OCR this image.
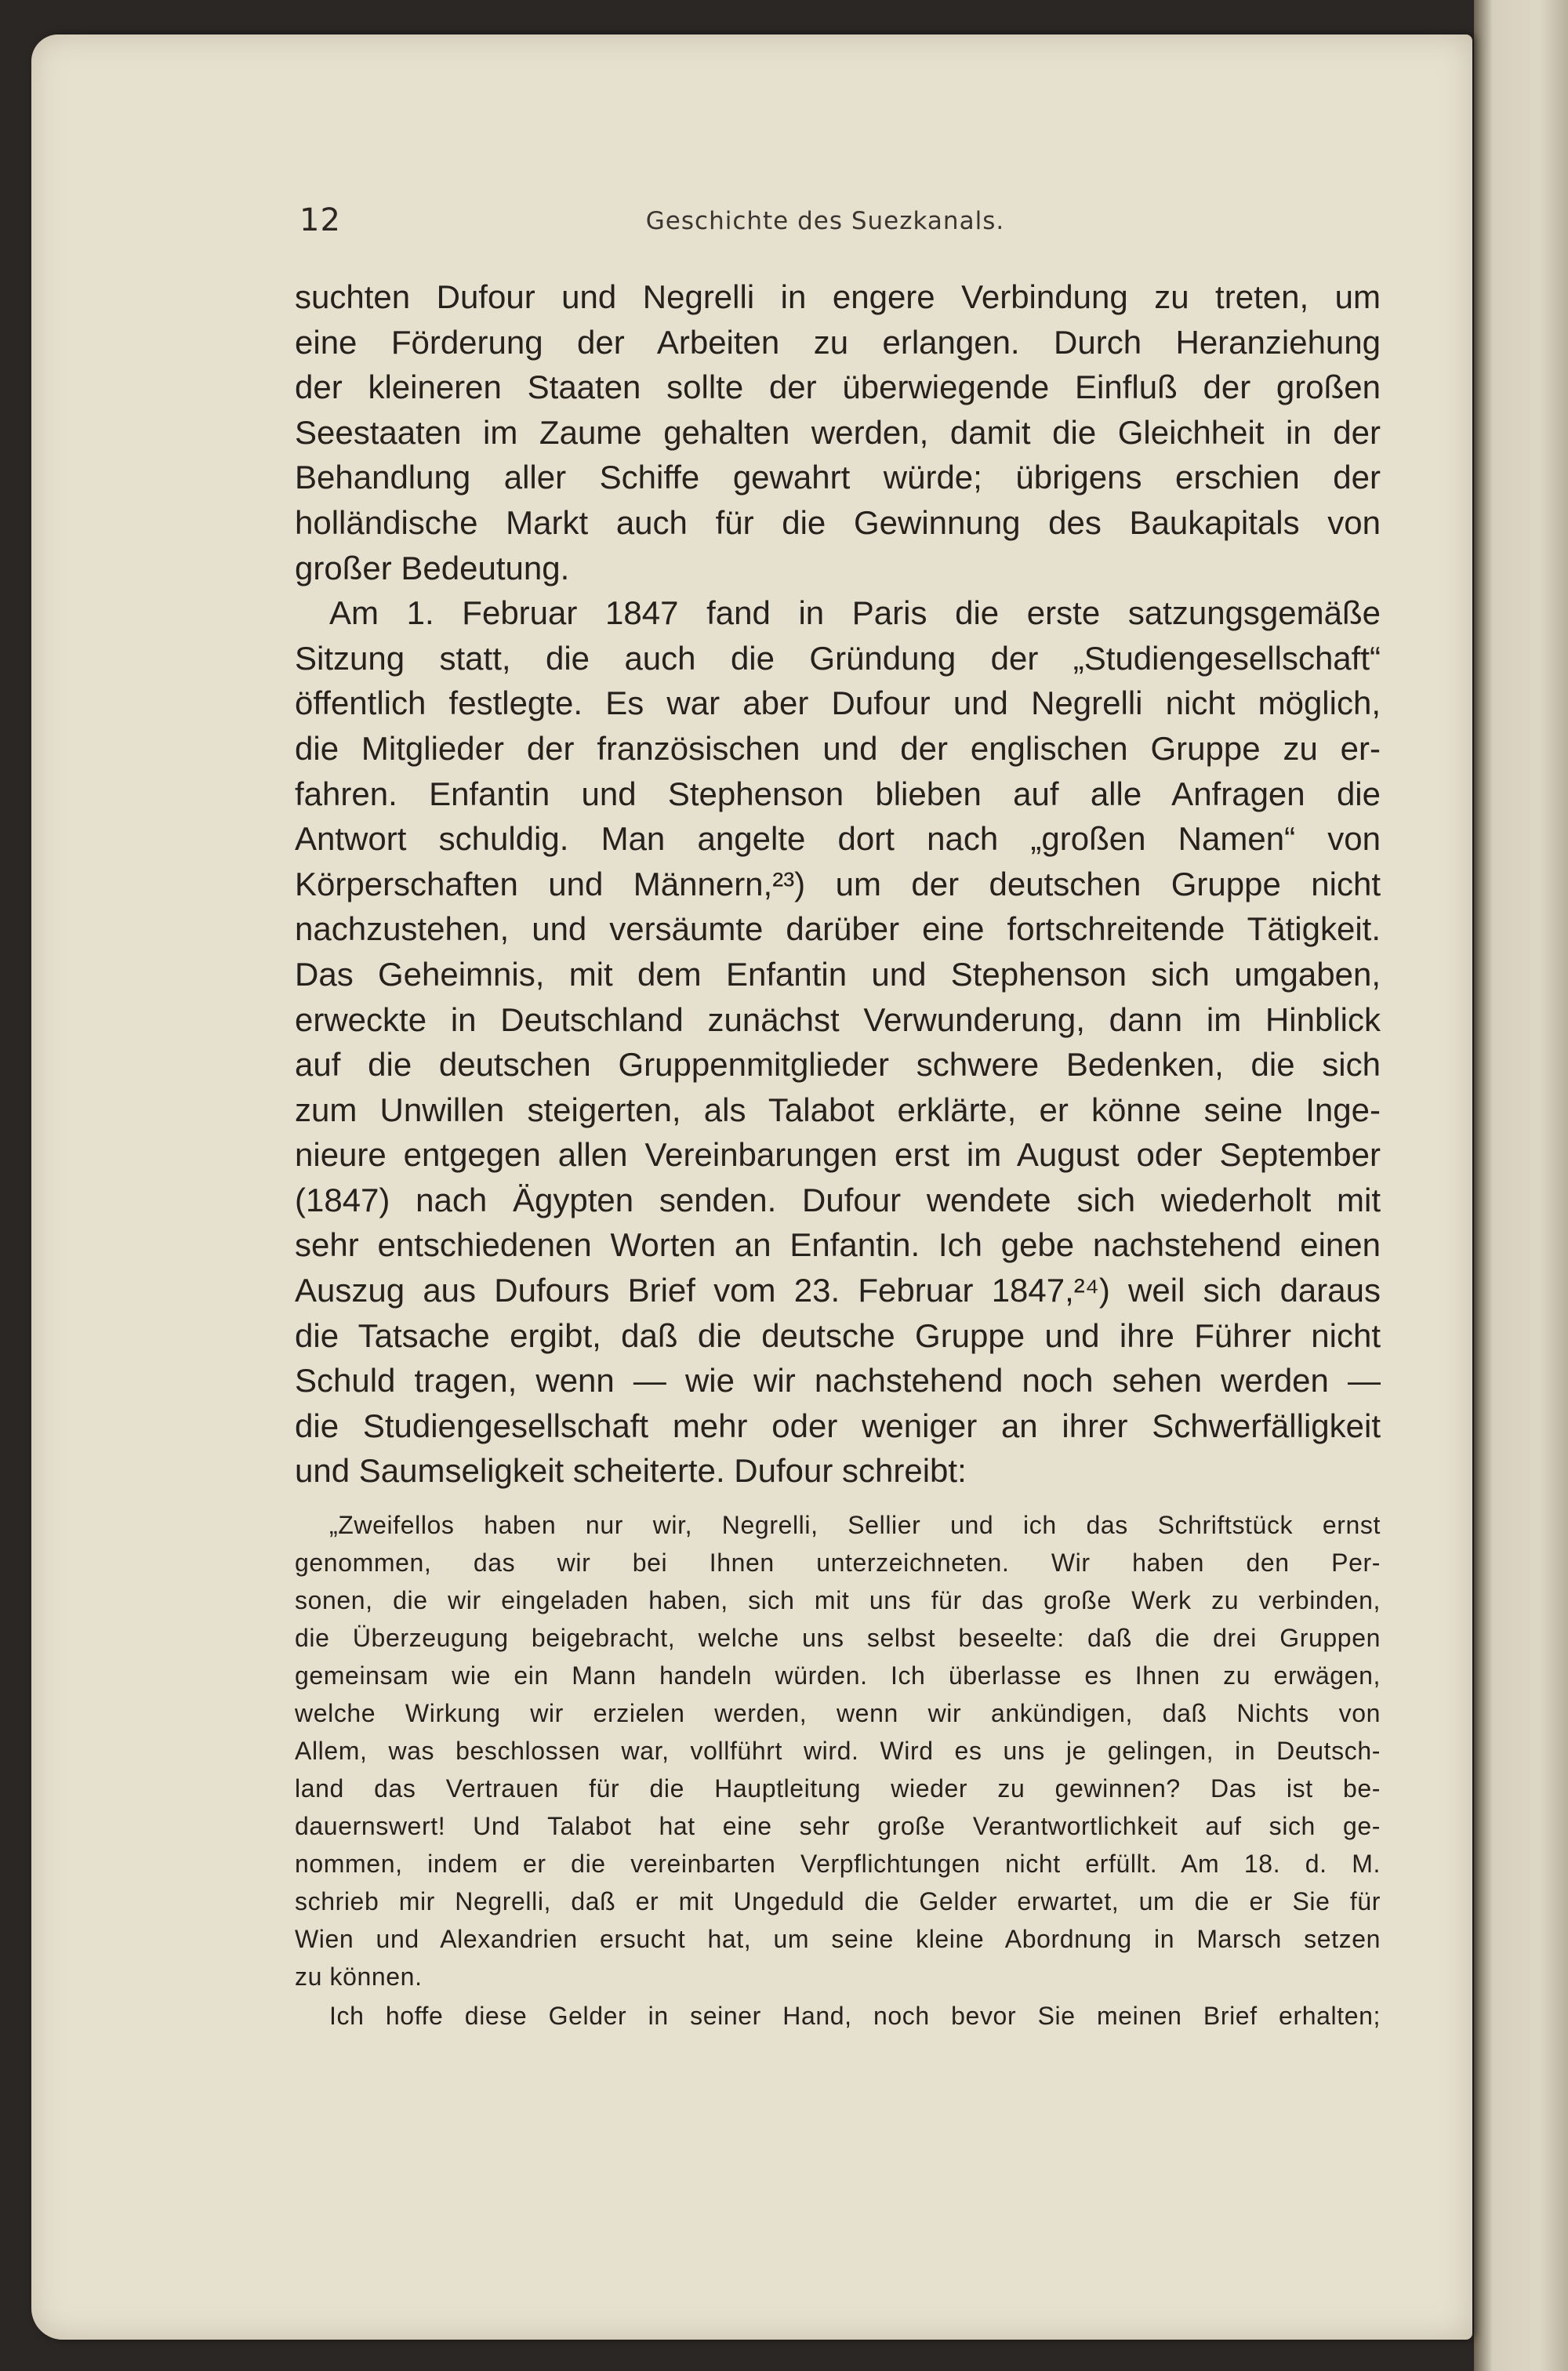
12	Geschichte des Suezkanals.
suchten Dufour und Negrelli in engere Verbindung zu treten, um
eine Förderung der Arbeiten zu erlangen. Durch Heranziehung
der kleineren Staaten sollte der überwiegende Einfluß der großen
Seestaaten im Zaume gehalten werden, damit die Gleichheit in der
Behandlung aller Schiffe gewahrt würde; übrigens erschien der
holländische Markt auch für die Gewinnung des Baukapitals von
großer Bedeutung.
Am 1. Februar 1847 fand in Paris die erste satzungsgemäße
Sitzung statt, die auch die Gründung der „Studiengesellschaft“
öffentlich festlegte. Es war aber Dufour und Negrelli nicht möglich,
die Mitglieder der französischen und der englischen Gruppe zu er-
fahren. Enfantin und Stephenson blieben auf alle Anfragen die
Antwort schuldig. Man angelte dort nach „großen Namen“ von
Körperschaften und Männern,²³) um der deutschen Gruppe nicht
nachzustehen, und versäumte darüber eine fortschreitende Tätigkeit.
Das Geheimnis, mit dem Enfantin und Stephenson sich umgaben,
erweckte in Deutschland zunächst Verwunderung, dann im Hinblick
auf die deutschen Gruppenmitglieder schwere Bedenken, die sich
zum Unwillen steigerten, als Talabot erklärte, er könne seine Inge-
nieure entgegen allen Vereinbarungen erst im August oder September
(1847) nach Ägypten senden. Dufour wendete sich wiederholt mit
sehr entschiedenen Worten an Enfantin. Ich gebe nachstehend einen
Auszug aus Dufours Brief vom 23. Februar 1847,²⁴) weil sich daraus
die Tatsache ergibt, daß die deutsche Gruppe und ihre Führer nicht
Schuld tragen, wenn — wie wir nachstehend noch sehen werden —
die Studiengesellschaft mehr oder weniger an ihrer Schwerfälligkeit
und Saumseligkeit scheiterte. Dufour schreibt:
„Zweifellos haben nur wir, Negrelli, Sellier und ich das Schriftstück ernst
genommen, das wir bei Ihnen unterzeichneten. Wir haben den Per-
sonen, die wir eingeladen haben, sich mit uns für das große Werk zu verbinden,
die Überzeugung beigebracht, welche uns selbst beseelte: daß die drei Gruppen
gemeinsam wie ein Mann handeln würden. Ich überlasse es Ihnen zu erwägen,
welche Wirkung wir erzielen werden, wenn wir ankündigen, daß Nichts von
Allem, was beschlossen war, vollführt wird. Wird es uns je gelingen, in Deutsch-
land das Vertrauen für die Hauptleitung wieder zu gewinnen? Das ist be-
dauernswert! Und Talabot hat eine sehr große Verantwortlichkeit auf sich ge-
nommen, indem er die vereinbarten Verpflichtungen nicht erfüllt. Am 18. d. M.
schrieb mir Negrelli, daß er mit Ungeduld die Gelder erwartet, um die er Sie für
Wien und Alexandrien ersucht hat, um seine kleine Abordnung in Marsch setzen
zu können.
Ich hoffe diese Gelder in seiner Hand, noch bevor Sie meinen Brief erhalten;
